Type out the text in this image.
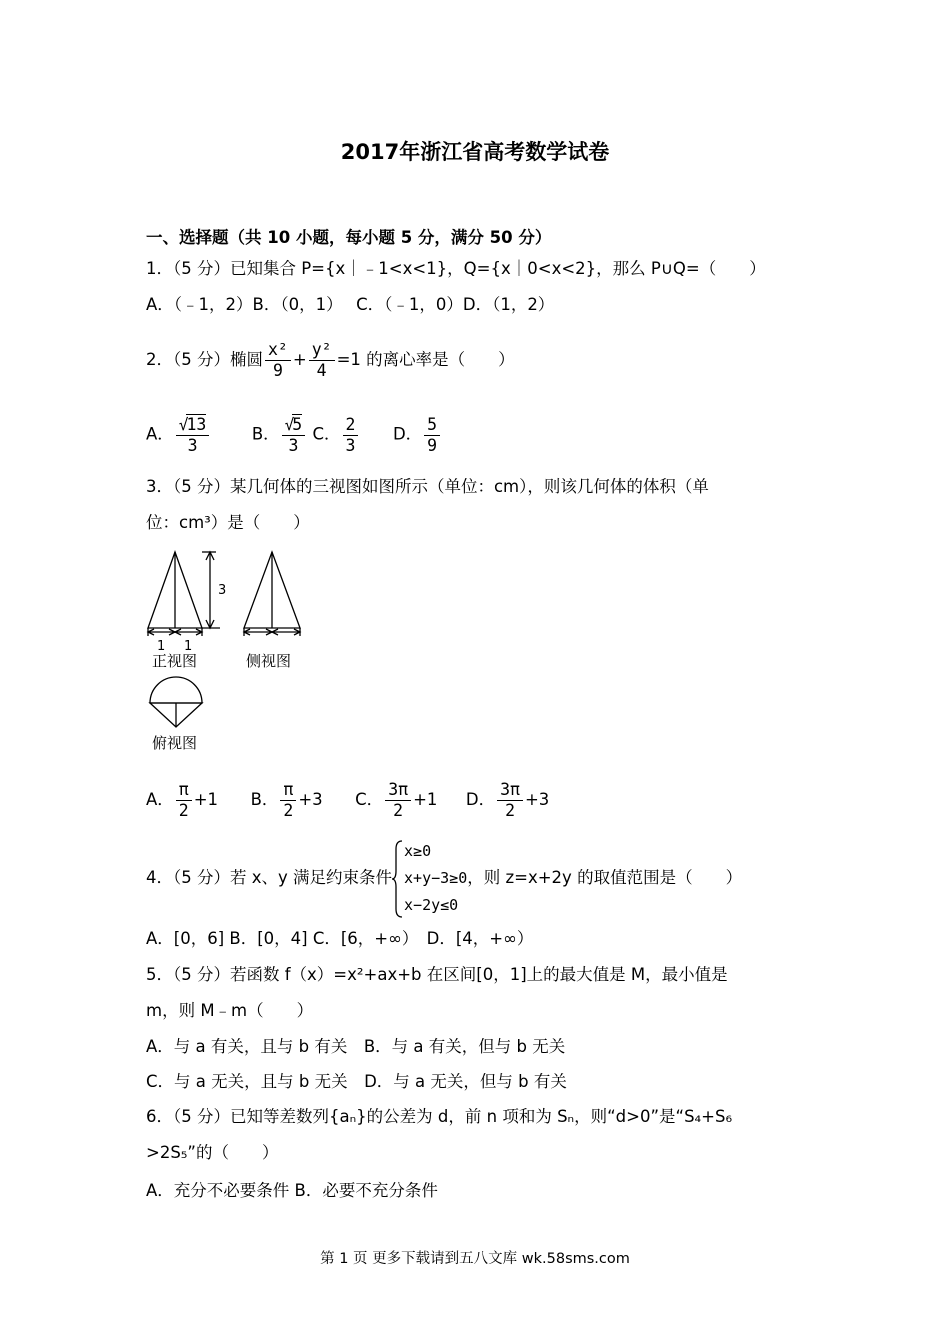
2017年浙江省高考数学试卷
一、选择题（共 10 小题，每小题 5 分，满分 50 分）
1．（5 分）已知集合 P={x｜﹣1<x<1}，Q={x｜0<x<2}，那么 P∪Q=（　　）
A．（﹣1，2）B．（0，1）　 C．（﹣1，0）D．（1，2）
2．（5 分）椭圆 $\frac{\text{x²}}{9} + \frac{\text{y²}}{4} =1$ 的离心率是（　　）
A． $\frac{√13}{3}$	B． $\frac{√5}{3}$ C． $\frac{2}{3}$ D． $\frac{5}{9}$
3．（5 分）某几何体的三视图如图所示（单位：cm），则该几何体的体积（单
位：cm³）是（　　）
3
1 1
正视图	侧视图
俯视图
A． $\frac{\pi}{2} +1$ B． $\frac{\pi}{2} +3$ C． $\frac{3\pi}{2} +1$ D． $\frac{3\pi}{2} +3$
4．（5 分）若 x、y 满足约束条件
x≥0
x+y−3≥0
x−2y≤0
，则 z=x+2y 的取值范围是（　　）
A．[0，6] B．[0，4] C．[6，+∞）　D．[4，+∞）
5．（5 分）若函数 f（x）=x²+ax+b 在区间[0，1]上的最大值是 M，最小值是
m，则 M﹣m（　　）
A．与 a 有关，且与 b 有关　B．与 a 有关，但与 b 无关
C．与 a 无关，且与 b 无关　D．与 a 无关，但与 b 有关
6．（5 分）已知等差数列{aₙ}的公差为 d，前 n 项和为 Sₙ，则“d>0”是“S₄+S₆
>2S₅”的（　　）
A．充分不必要条件 B．必要不充分条件
第 1 页 更多下载请到五八文库 wk.58sms.com
